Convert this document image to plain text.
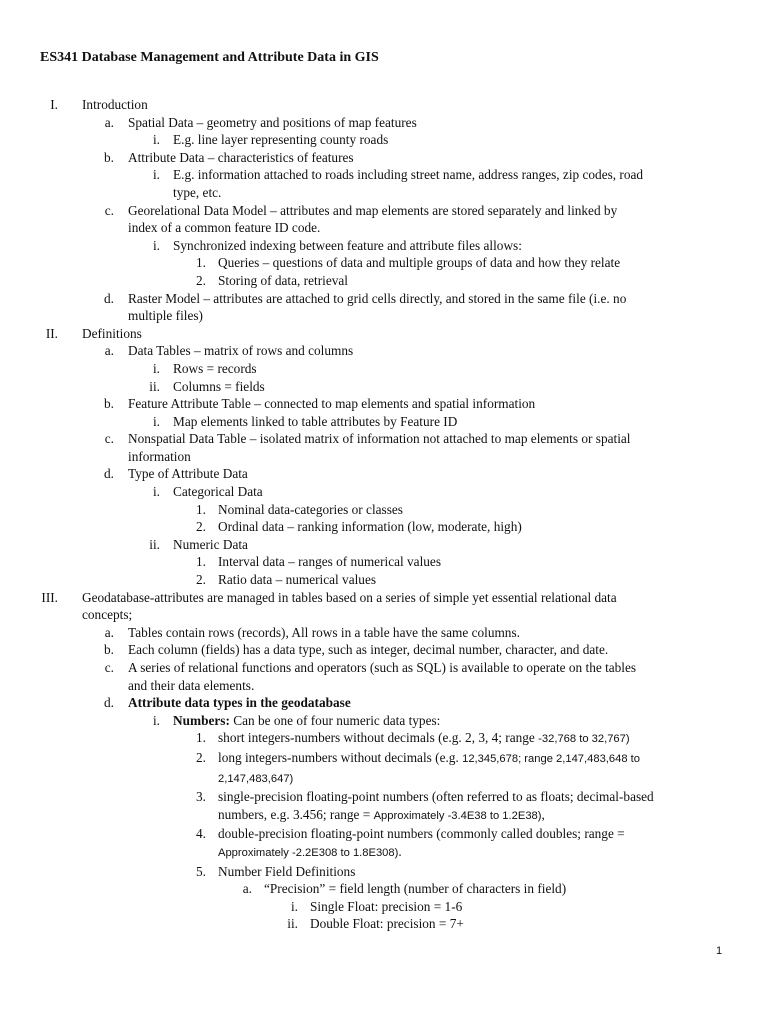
ES341 Database Management and Attribute Data in GIS
I.	Introduction
a.	Spatial Data – geometry and positions of map features
i. E.g. line layer representing county roads
b.	Attribute Data – characteristics of features
i. E.g. information attached to roads including street name, address ranges, zip codes, road
type, etc.
c.	Georelational Data Model – attributes and map elements are stored separately and linked by
index of a common feature ID code.
i. Synchronized indexing between feature and attribute files allows:
1. Queries – questions of data and multiple groups of data and how they relate
2. Storing of data, retrieval
d.	Raster Model – attributes are attached to grid cells directly, and stored in the same file (i.e. no
multiple files)
II.	Definitions
a.	Data Tables – matrix of rows and columns
i. Rows = records
ii. Columns = fields
b.	Feature Attribute Table – connected to map elements and spatial information
i. Map elements linked to table attributes by Feature ID
c.	Nonspatial Data Table – isolated matrix of information not attached to map elements or spatial
information
d.	Type of Attribute Data
i. Categorical Data
1. Nominal data-categories or classes
2. Ordinal data – ranking information (low, moderate, high)
ii. Numeric Data
1. Interval data – ranges of numerical values
2. Ratio data – numerical values
III.	Geodatabase-attributes are managed in tables based on a series of simple yet essential relational data
concepts;
a.	Tables contain rows (records), All rows in a table have the same columns.
b.	Each column (fields) has a data type, such as integer, decimal number, character, and date.
c.	A series of relational functions and operators (such as SQL) is available to operate on the tables
and their data elements.
d.	Attribute data types in the geodatabase
i. Numbers: Can be one of four numeric data types:
1. short integers-numbers without decimals (e.g. 2, 3, 4; range -32,768 to 32,767)
2. long integers-numbers without decimals (e.g. 12,345,678; range 2,147,483,648 to
2,147,483,647)
3. single-precision floating-point numbers (often referred to as floats; decimal-based
numbers, e.g. 3.456; range = Approximately -3.4E38 to 1.2E38),
4. double-precision floating-point numbers (commonly called doubles; range =
Approximately -2.2E308 to 1.8E308).
5. Number Field Definitions
a. “Precision” = field length (number of characters in field)
i. Single Float: precision = 1-6
ii. Double Float: precision = 7+
1
